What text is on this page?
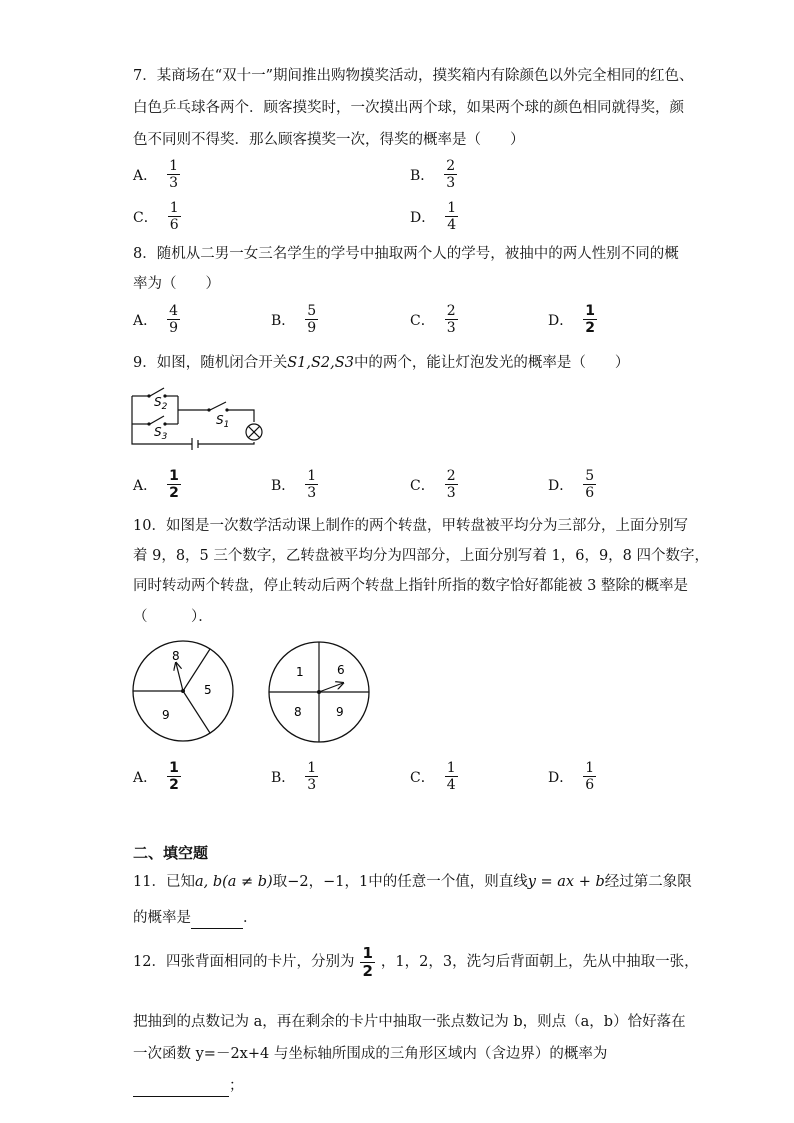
7．某商场在“双十一”期间推出购物摸奖活动，摸奖箱内有除颜色以外完全相同的红色、
白色乒乓球各两个．顾客摸奖时，一次摸出两个球，如果两个球的颜色相同就得奖，颜
色不同则不得奖．那么顾客摸奖一次，得奖的概率是（　　）
A． $\frac{1}{3}$	B． $\frac{2}{3}$
C． $\frac{1}{6}$	D． $\frac{1}{4}$
8．随机从二男一女三名学生的学号中抽取两个人的学号，被抽中的两人性别不同的概
率为（　　）
A． $\frac{4}{9}$	B． $\frac{5}{9}$	C． $\frac{2}{3}$	D． $\frac{1}{2}$
9．如图，随机闭合开关S1,S2,S3中的两个，能让灯泡发光的概率是（　　）
$S_2$
$S_3$
$S_1$
A． $\frac{1}{2}$	B． $\frac{1}{3}$	C． $\frac{2}{3}$	D． $\frac{5}{6}$
10．如图是一次数学活动课上制作的两个转盘，甲转盘被平均分为三部分，上面分别写
着 9，8，5 三个数字，乙转盘被平均分为四部分，上面分别写着 1，6，9，8 四个数字，
同时转动两个转盘，停止转动后两个转盘上指针所指的数字恰好都能被 3 整除的概率是
（　　　）．
8
5
9
1	6
8	9
A． $\frac{1}{2}$	B． $\frac{1}{3}$	C． $\frac{1}{4}$	D． $\frac{1}{6}$
二、填空题
11．已知a, b(a ≠ b)取−2，−1，1中的任意一个值，则直线y = ax + b经过第二象限
的概率是	．
12．四张背面相同的卡片，分别为 $\frac{1}{2}$ ，1，2，3，洗匀后背面朝上，先从中抽取一张，
把抽到的点数记为 a，再在剩余的卡片中抽取一张点数记为 b，则点（a，b）恰好落在
一次函数 y=－2x+4 与坐标轴所围成的三角形区域内（含边界）的概率为
；
